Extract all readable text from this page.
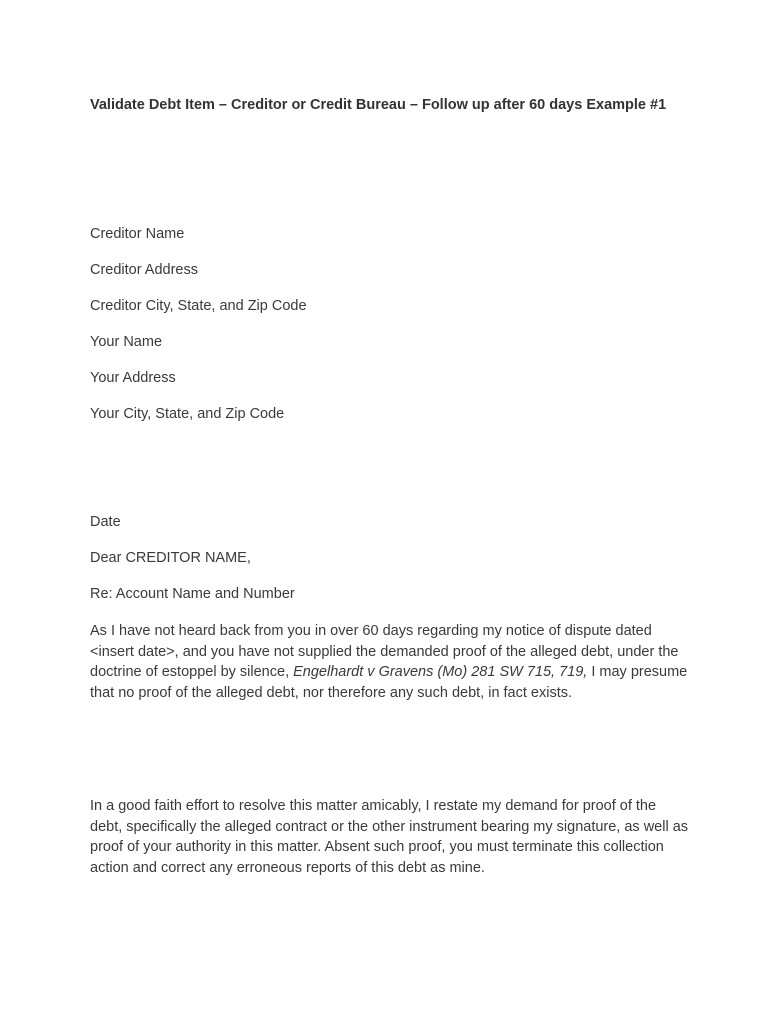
Validate Debt Item – Creditor or Credit Bureau – Follow up after 60 days Example #1

Creditor Name

Creditor Address

Creditor City, State, and Zip Code

Your Name

Your Address

Your City, State, and Zip Code

Date

Dear CREDITOR NAME,

Re: Account Name and Number

As I have not heard back from you in over 60 days regarding my notice of dispute dated <insert date>, and you have not supplied the demanded proof of the alleged debt, under the doctrine of estoppel by silence, Engelhardt v Gravens (Mo) 281 SW 715, 719, I may presume that no proof of the alleged debt, nor therefore any such debt, in fact exists.

In a good faith effort to resolve this matter amicably, I restate my demand for proof of the debt, specifically the alleged contract or the other instrument bearing my signature, as well as proof of your authority in this matter. Absent such proof, you must terminate this collection action and correct any erroneous reports of this debt as mine.
